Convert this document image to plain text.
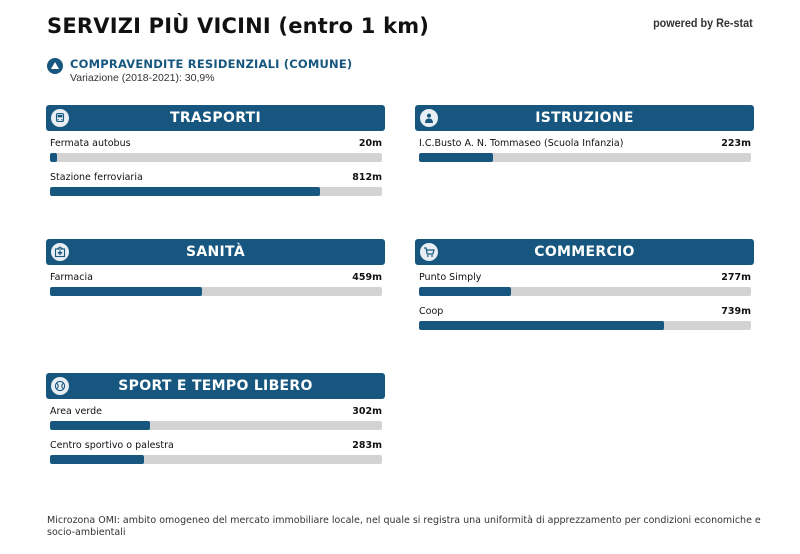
SERVIZI PIÙ VICINI (entro 1 km)	powered by Re-stat
COMPRAVENDITE RESIDENZIALI (COMUNE)
Variazione (2018-2021): 30,9%
TRASPORTI
Fermata autobus	20m
Stazione ferroviaria	812m
ISTRUZIONE
I.C.Busto A. N. Tommaseo (Scuola Infanzia)	223m
SANITÀ
Farmacia	459m
COMMERCIO
Punto Simply	277m
Coop	739m
SPORT E TEMPO LIBERO
Area verde	302m
Centro sportivo o palestra	283m
Microzona OMI: ambito omogeneo del mercato immobiliare locale, nel quale si registra una uniformità di apprezzamento per condizioni economiche e socio-ambientali
